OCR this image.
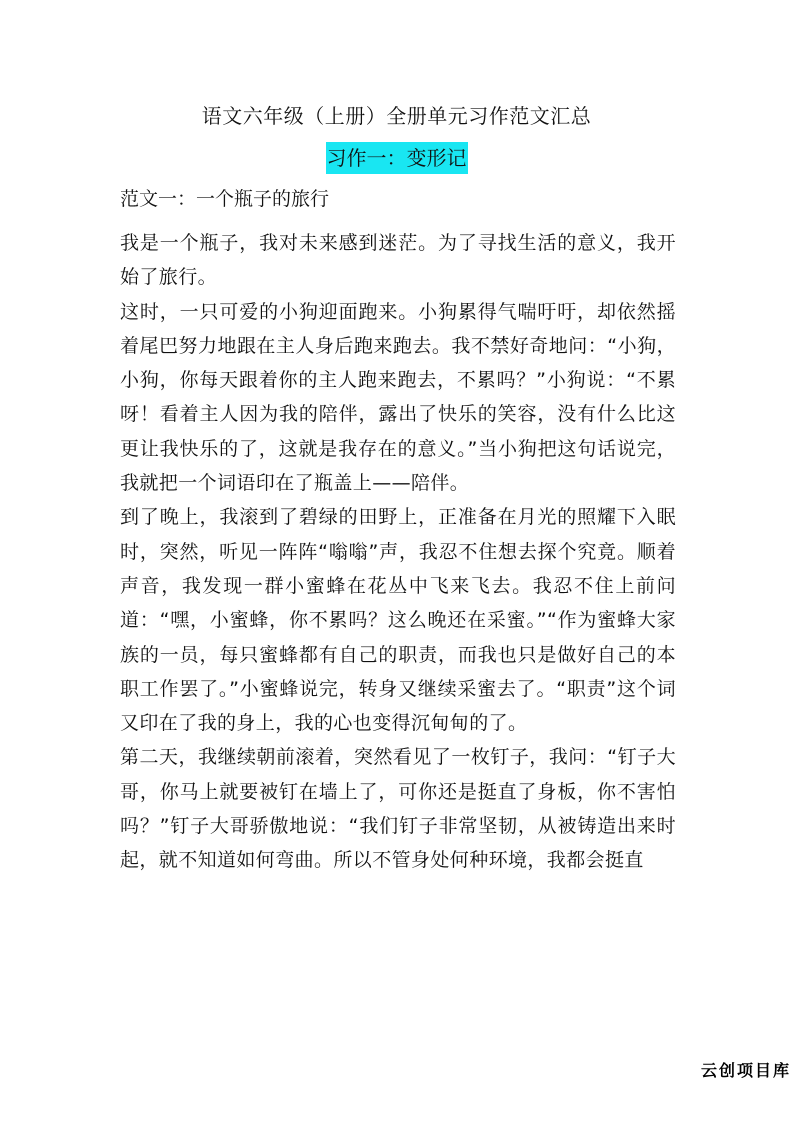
语文六年级（上册）全册单元习作范文汇总
习作一：变形记
范文一：一个瓶子的旅行

我是一个瓶子，我对未来感到迷茫。为了寻找生活的意义，我开始了旅行。

这时，一只可爱的小狗迎面跑来。小狗累得气喘吁吁，却依然摇着尾巴努力地跟在主人身后跑来跑去。我不禁好奇地问：“小狗，小狗，你每天跟着你的主人跑来跑去，不累吗？”小狗说：“不累呀！看着主人因为我的陪伴，露出了快乐的笑容，没有什么比这更让我快乐的了，这就是我存在的意义。”当小狗把这句话说完，我就把一个词语印在了瓶盖上——陪伴。

到了晚上，我滚到了碧绿的田野上，正准备在月光的照耀下入眠时，突然，听见一阵阵“嗡嗡”声，我忍不住想去探个究竟。顺着声音，我发现一群小蜜蜂在花丛中飞来飞去。我忍不住上前问道：“嘿，小蜜蜂，你不累吗？这么晚还在采蜜。”“作为蜜蜂大家族的一员，每只蜜蜂都有自己的职责，而我也只是做好自己的本职工作罢了。”小蜜蜂说完，转身又继续采蜜去了。“职责”这个词又印在了我的身上，我的心也变得沉甸甸的了。

第二天，我继续朝前滚着，突然看见了一枚钉子，我问：“钉子大哥，你马上就要被钉在墙上了，可你还是挺直了身板，你不害怕吗？”钉子大哥骄傲地说：“我们钉子非常坚韧，从被铸造出来时起，就不知道如何弯曲。所以不管身处何种环境，我都会挺直

云创项目库
